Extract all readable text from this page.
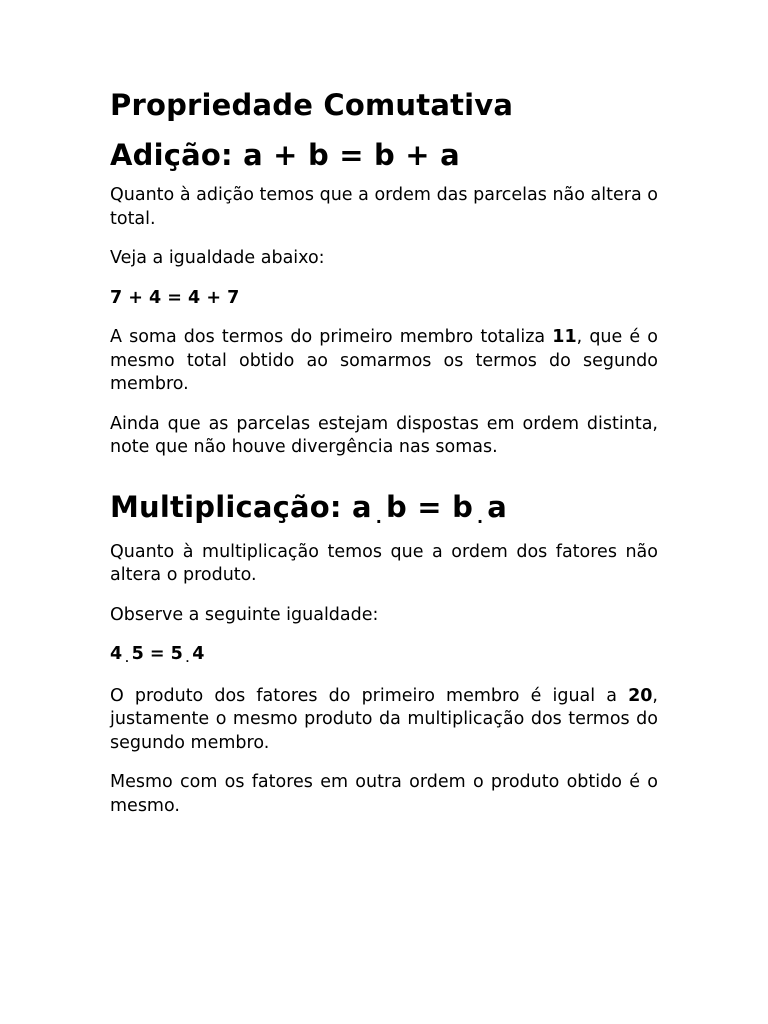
Propriedade Comutativa
Adição: a + b = b + a

Quanto à adição temos que a ordem das parcelas não altera o total.

Veja a igualdade abaixo:

7 + 4 = 4 + 7

A soma dos termos do primeiro membro totaliza 11, que é o mesmo total obtido ao somarmos os termos do segundo membro.

Ainda que as parcelas estejam dispostas em ordem distinta, note que não houve divergência nas somas.

Multiplicação: a $_.$ b = b $_.$ a

Quanto à multiplicação temos que a ordem dos fatores não altera o produto.

Observe a seguinte igualdade:

4 . 5 = 5 . 4

O produto dos fatores do primeiro membro é igual a 20, justamente o mesmo produto da multiplicação dos termos do segundo membro.

Mesmo com os fatores em outra ordem o produto obtido é o mesmo.
